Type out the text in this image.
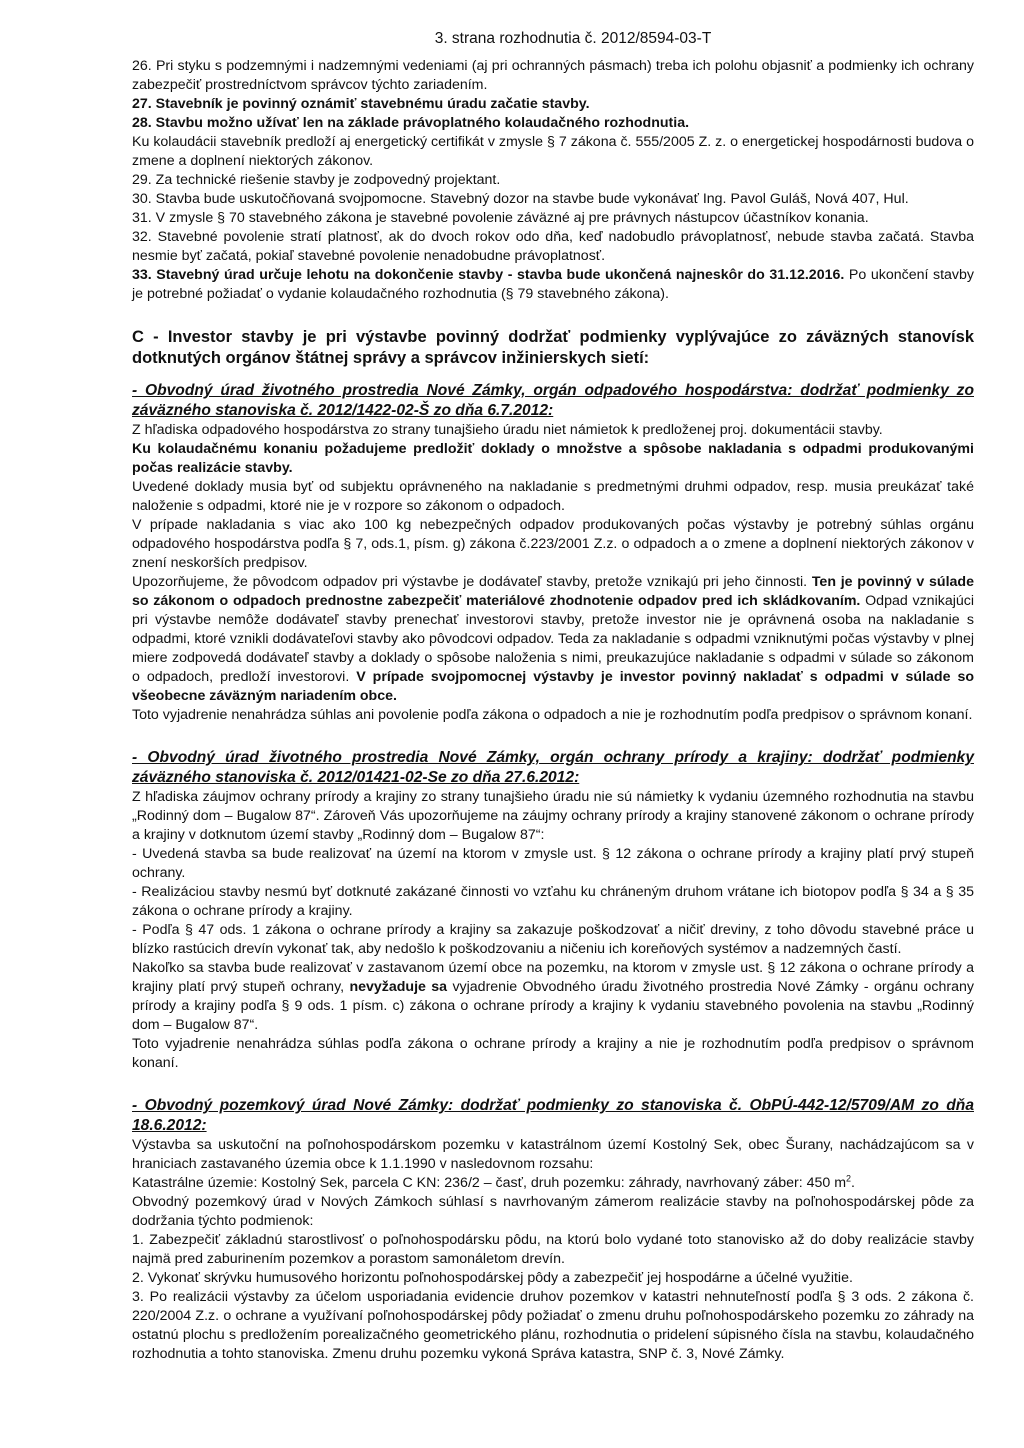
3. strana rozhodnutia č. 2012/8594-03-T

26. Pri styku s podzemnými i nadzemnými vedeniami (aj pri ochranných pásmach) treba ich polohu objasniť a podmienky ich ochrany zabezpečiť prostredníctvom správcov týchto zariadením.

27. Stavebník je povinný oznámiť stavebnému úradu začatie stavby.

28. Stavbu možno užívať len na základe právoplatného kolaudačného rozhodnutia.

Ku kolaudácii stavebník predloží aj energetický certifikát v zmysle § 7 zákona č. 555/2005 Z. z. o energetickej hospodárnosti budova o zmene a doplnení niektorých zákonov.

29. Za technické riešenie stavby je zodpovedný projektant.

30. Stavba bude uskutočňovaná svojpomocne. Stavebný dozor na stavbe bude vykonávať Ing. Pavol Guláš, Nová 407, Hul.

31. V zmysle § 70 stavebného zákona je stavebné povolenie záväzné aj pre právnych nástupcov účastníkov konania.

32. Stavebné povolenie stratí platnosť, ak do dvoch rokov odo dňa, keď nadobudlo právoplatnosť, nebude stavba začatá. Stavba nesmie byť začatá, pokiaľ stavebné povolenie nenadobudne právoplatnosť.

33. Stavebný úrad určuje lehotu na dokončenie stavby - stavba bude ukončená najneskôr do 31.12.2016. Po ukončení stavby je potrebné požiadať o vydanie kolaudačného rozhodnutia (§ 79 stavebného zákona).

C - Investor stavby je pri výstavbe povinný dodržať podmienky vyplývajúce zo záväzných stanovísk dotknutých orgánov štátnej správy a správcov inžinierskych sietí:
- Obvodný úrad životného prostredia Nové Zámky, orgán odpadového hospodárstva: dodržať podmienky zo záväzného stanoviska č. 2012/1422-02-Š zo dňa 6.7.2012:

Z hľadiska odpadového hospodárstva zo strany tunajšieho úradu niet námietok k predloženej proj. dokumentácii stavby.

Ku kolaudačnému konaniu požadujeme predložiť doklady o množstve a spôsobe nakladania s odpadmi produkovanými počas realizácie stavby.

Uvedené doklady musia byť od subjektu oprávneného na nakladanie s predmetnými druhmi odpadov, resp. musia preukázať také naloženie s odpadmi, ktoré nie je v rozpore so zákonom o odpadoch.

V prípade nakladania s viac ako 100 kg nebezpečných odpadov produkovaných počas výstavby je potrebný súhlas orgánu odpadového hospodárstva podľa § 7, ods.1, písm. g) zákona č.223/2001 Z.z. o odpadoch a o zmene a doplnení niektorých zákonov v znení neskorších predpisov.

Upozorňujeme, že pôvodcom odpadov pri výstavbe je dodávateľ stavby, pretože vznikajú pri jeho činnosti. Ten je povinný v súlade so zákonom o odpadoch prednostne zabezpečiť materiálové zhodnotenie odpadov pred ich skládkovaním. Odpad vznikajúci pri výstavbe nemôže dodávateľ stavby prenechať investorovi stavby, pretože investor nie je oprávnená osoba na nakladanie s odpadmi, ktoré vznikli dodávateľovi stavby ako pôvodcovi odpadov. Teda za nakladanie s odpadmi vzniknutými počas výstavby v plnej miere zodpovedá dodávateľ stavby a doklady o spôsobe naloženia s nimi, preukazujúce nakladanie s odpadmi v súlade so zákonom o odpadoch, predloží investorovi. V prípade svojpomocnej výstavby je investor povinný nakladať s odpadmi v súlade so všeobecne záväzným nariadením obce.

Toto vyjadrenie nenahrádza súhlas ani povolenie podľa zákona o odpadoch a nie je rozhodnutím podľa predpisov o správnom konaní.

- Obvodný úrad životného prostredia Nové Zámky, orgán ochrany prírody a krajiny: dodržať podmienky záväzného stanoviska č. 2012/01421-02-Se zo dňa 27.6.2012:

Z hľadiska záujmov ochrany prírody a krajiny zo strany tunajšieho úradu nie sú námietky k vydaniu územného rozhodnutia na stavbu „Rodinný dom – Bugalow 87“. Zároveň Vás upozorňujeme na záujmy ochrany prírody a krajiny stanovené zákonom o ochrane prírody a krajiny v dotknutom území stavby „Rodinný dom – Bugalow 87“:

- Uvedená stavba sa bude realizovať na území na ktorom v zmysle ust. § 12 zákona o ochrane prírody a krajiny platí prvý stupeň ochrany.

- Realizáciou stavby nesmú byť dotknuté zakázané činnosti vo vzťahu ku chráneným druhom vrátane ich biotopov podľa § 34 a § 35 zákona o ochrane prírody a krajiny.

- Podľa § 47 ods. 1 zákona o ochrane prírody a krajiny sa zakazuje poškodzovať a ničiť dreviny, z toho dôvodu stavebné práce u blízko rastúcich drevín vykonať tak, aby nedošlo k poškodzovaniu a ničeniu ich koreňových systémov a nadzemných častí.

Nakoľko sa stavba bude realizovať v zastavanom území obce na pozemku, na ktorom v zmysle ust. § 12 zákona o ochrane prírody a krajiny platí prvý stupeň ochrany, nevyžaduje sa vyjadrenie Obvodného úradu životného prostredia Nové Zámky - orgánu ochrany prírody a krajiny podľa § 9 ods. 1 písm. c) zákona o ochrane prírody a krajiny k vydaniu stavebného povolenia na stavbu „Rodinný dom – Bugalow 87“.

Toto vyjadrenie nenahrádza súhlas podľa zákona o ochrane prírody a krajiny a nie je rozhodnutím podľa predpisov o správnom konaní.

- Obvodný pozemkový úrad Nové Zámky: dodržať podmienky zo stanoviska č. ObPÚ-442-12/5709/AM zo dňa 18.6.2012:

Výstavba sa uskutoční na poľnohospodárskom pozemku v katastrálnom území Kostolný Sek, obec Šurany, nachádzajúcom sa v hraniciach zastavaného územia obce k 1.1.1990 v nasledovnom rozsahu:

Katastrálne územie: Kostolný Sek, parcela C KN: 236/2 – časť, druh pozemku: záhrady, navrhovaný záber: 450 $m^2$.

Obvodný pozemkový úrad v Nových Zámkoch súhlasí s navrhovaným zámerom realizácie stavby na poľnohospodárskej pôde za dodržania týchto podmienok:

1. Zabezpečiť základnú starostlivosť o poľnohospodársku pôdu, na ktorú bolo vydané toto stanovisko až do doby realizácie stavby najmä pred zaburinením pozemkov a porastom samonáletom drevín.

2. Vykonať skrývku humusového horizontu poľnohospodárskej pôdy a zabezpečiť jej hospodárne a účelné využitie.

3. Po realizácii výstavby za účelom usporiadania evidencie druhov pozemkov v katastri nehnuteľností podľa § 3 ods. 2 zákona č. 220/2004 Z.z. o ochrane a využívaní poľnohospodárskej pôdy požiadať o zmenu druhu poľnohospodárskeho pozemku zo záhrady na ostatnú plochu s predložením porealizačného geometrického plánu, rozhodnutia o pridelení súpisného čísla na stavbu, kolaudačného rozhodnutia a tohto stanoviska. Zmenu druhu pozemku vykoná Správa katastra, SNP č. 3, Nové Zámky.
